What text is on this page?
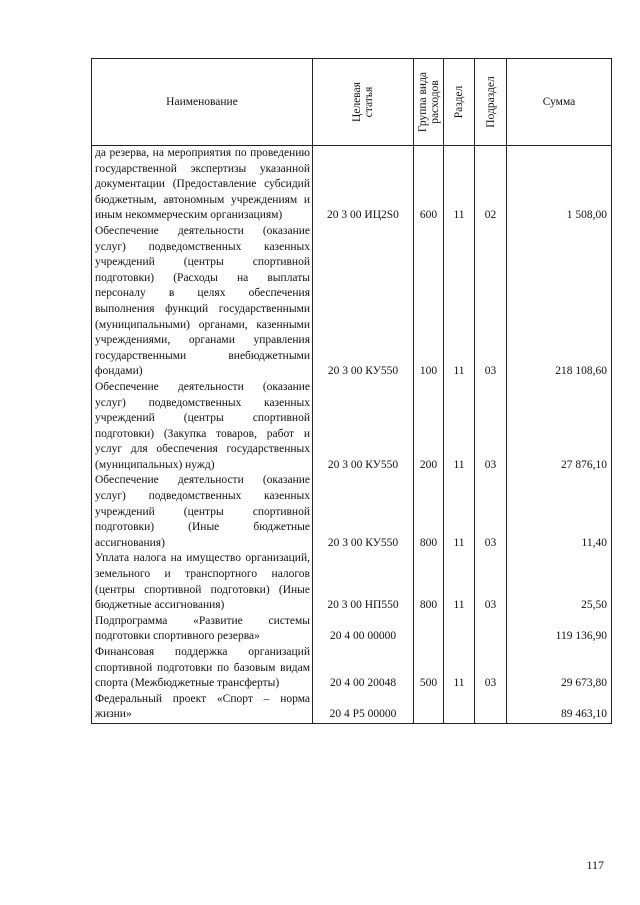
Наименование	Целевая статья	Группа вида расходов	Раздел	Подраздел	Сумма
да резерва, на мероприятия по проведению государственной экспертизы указанной документации (Предоставление субсидий бюджетным, автономным учреждениям и иным некоммерческим организациям)	20 3 00 ИЦ2S0	600	11	02	1 508,00
Обеспечение деятельности (оказание услуг) подведомственных казенных учреждений (центры спортивной подготовки) (Расходы на выплаты персоналу в целях обеспечения выполнения функций государственными (муниципальными) органами, казенными учреждениями, органами управления государственными внебюджетными фондами)	20 3 00 КУ550	100	11	03	218 108,60
Обеспечение деятельности (оказание услуг) подведомственных казенных учреждений (центры спортивной подготовки) (Закупка товаров, работ и услуг для обеспечения государственных (муниципальных) нужд)	20 3 00 КУ550	200	11	03	27 876,10
Обеспечение деятельности (оказание услуг) подведомственных казенных учреждений (центры спортивной подготовки) (Иные бюджетные ассигнования)	20 3 00 КУ550	800	11	03	11,40
Уплата налога на имущество организаций, земельного и транспортного налогов (центры спортивной подготовки) (Иные бюджетные ассигнования)	20 3 00 НП550	800	11	03	25,50
Подпрограмма «Развитие системы подготовки спортивного резерва»	20 4 00 00000				119 136,90
Финансовая поддержка организаций спортивной подготовки по базовым видам спорта (Межбюджетные трансферты)	20 4 00 20048	500	11	03	29 673,80
Федеральный проект «Спорт – норма жизни»	20 4 P5 00000				89 463,10
117
